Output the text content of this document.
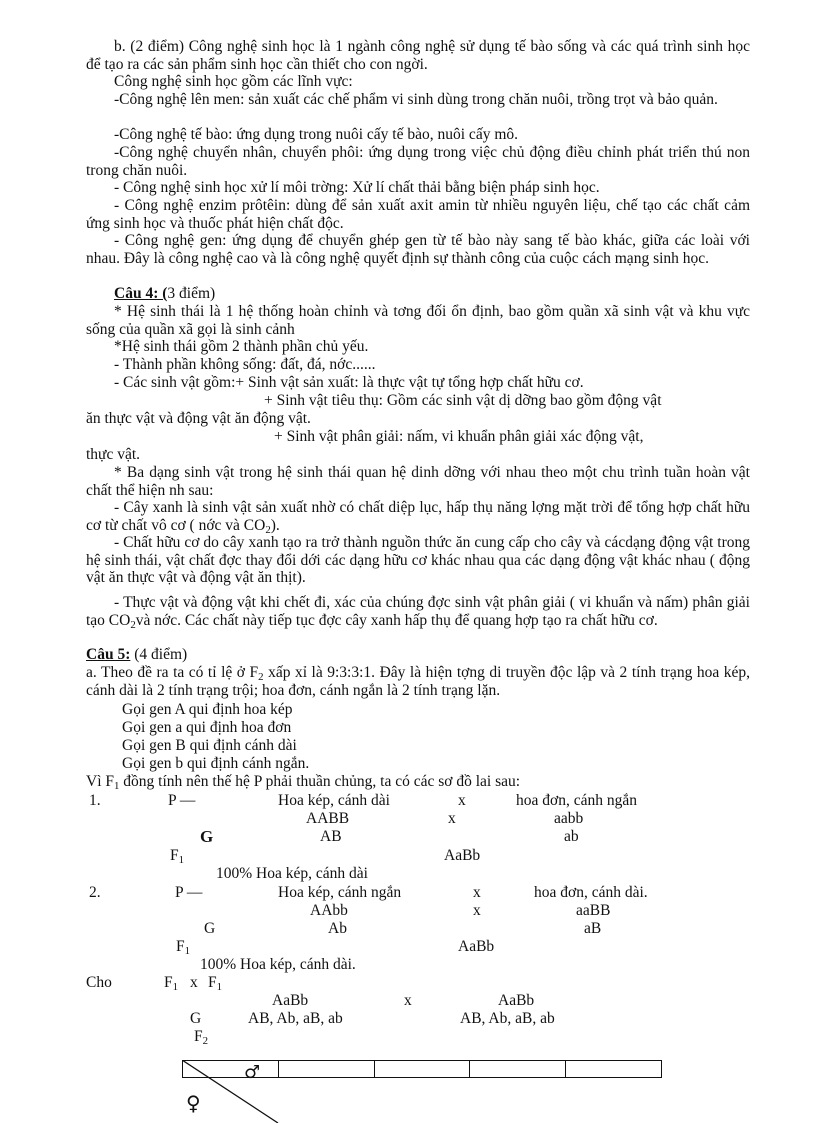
b. (2 điểm) Công nghệ sinh học là 1 ngành công nghệ sử dụng tế bào sống và các quá trình sinh học để tạo ra các sản phẩm sinh học cần thiết cho con ngời.

Công nghệ sinh học gồm các lĩnh vực:

-Công nghệ lên men: sản xuất các chế phẩm vi sinh dùng trong chăn nuôi, trồng trọt và bảo quản.

-Công nghệ tế bào: ứng dụng trong nuôi cấy tế bào, nuôi cấy mô.

-Công nghệ chuyển nhân, chuyển phôi: ứng dụng trong việc chủ động điều chỉnh phát triển thú non trong chăn nuôi.

- Công nghệ sinh học xử lí môi trờng: Xử lí chất thải bằng biện pháp sinh học.

- Công nghệ enzim prôtêin: dùng để sản xuất axit amin từ nhiều nguyên liệu, chế tạo các chất cảm ứng sinh học và thuốc phát hiện chất độc.

- Công nghệ gen: ứng dụng để chuyển ghép gen từ tế bào này sang tế bào khác, giữa các loài với nhau. Đây là công nghệ cao và là công nghệ quyết định sự thành công của cuộc cách mạng sinh học.

Câu 4: (3 điểm)

* Hệ sinh thái là 1 hệ thống hoàn chỉnh và tơng đối ổn định, bao gồm quần xã sinh vật và khu vực sống của quần xã gọi là sinh cảnh

*Hệ sinh thái gồm 2 thành phần chủ yếu.

- Thành phần không sống: đất, đá, nớc......

- Các sinh vật gồm:+ Sinh vật sản xuất: là thực vật tự tổng hợp chất hữu cơ.

+ Sinh vật tiêu thụ: Gồm các sinh vật dị dỡng bao gồm động vật
ăn thực vật và động vật ăn động vật.
+ Sinh vật phân giải: nấm, vi khuẩn phân giải xác động vật,
thực vật.

* Ba dạng sinh vật trong hệ sinh thái quan hệ dinh dỡng với nhau theo một chu trình tuần hoàn vật chất thể hiện nh sau:

- Cây xanh là sinh vật sản xuất nhờ có chất diệp lục, hấp thụ năng lợng mặt trời để tổng hợp chất hữu cơ từ chất vô cơ ( nớc và $CO_2$).

- Chất hữu cơ do cây xanh tạo ra trở thành nguồn thức ăn cung cấp cho cây và cácdạng động vật trong hệ sinh thái, vật chất đợc thay đổi dới các dạng hữu cơ khác nhau qua các dạng động vật khác nhau ( động vật ăn thực vật và động vật ăn thịt).

- Thực vật và động vật khi chết đi, xác của chúng đợc sinh vật phân giải ( vi khuẩn và nấm) phân giải tạo $CO_2và$ nớc. Các chất này tiếp tục đợc cây xanh hấp thụ để quang hợp tạo ra chất hữu cơ.

Câu 5: (4 điểm)

a. Theo đề ra ta có tỉ lệ ở $F_2$ xấp xỉ là 9:3:3:1. Đây là hiện tợng di truyền độc lập và 2 tính trạng hoa kép, cánh dài là 2 tính trạng trội; hoa đơn, cánh ngắn là 2 tính trạng lặn.

Gọi gen A qui định hoa kép
Gọi gen a qui định hoa đơn
Gọi gen B qui định cánh dài
Gọi gen b qui định cánh ngắn.
Vì $F_1$ đồng tính nên thế hệ P phải thuần chủng, ta có các sơ đồ lai sau:
1.	P —	Hoa kép, cánh dài	x	hoa đơn, cánh ngắn
AABB	x	aabb
G	AB	ab
$F_1$	AaBb
100% Hoa kép, cánh dài
2.	P —	Hoa kép, cánh ngắn	x	hoa đơn, cánh dài.
AAbb	x	aaBB
G	Ab	aB
$F_1$	AaBb
100% Hoa kép, cánh dài.
Cho	$F_1$ x $F_1$
AaBb	x	AaBb
G	AB, Ab, aB, ab	AB, Ab, aB, ab
$F_2$
♂
♀
